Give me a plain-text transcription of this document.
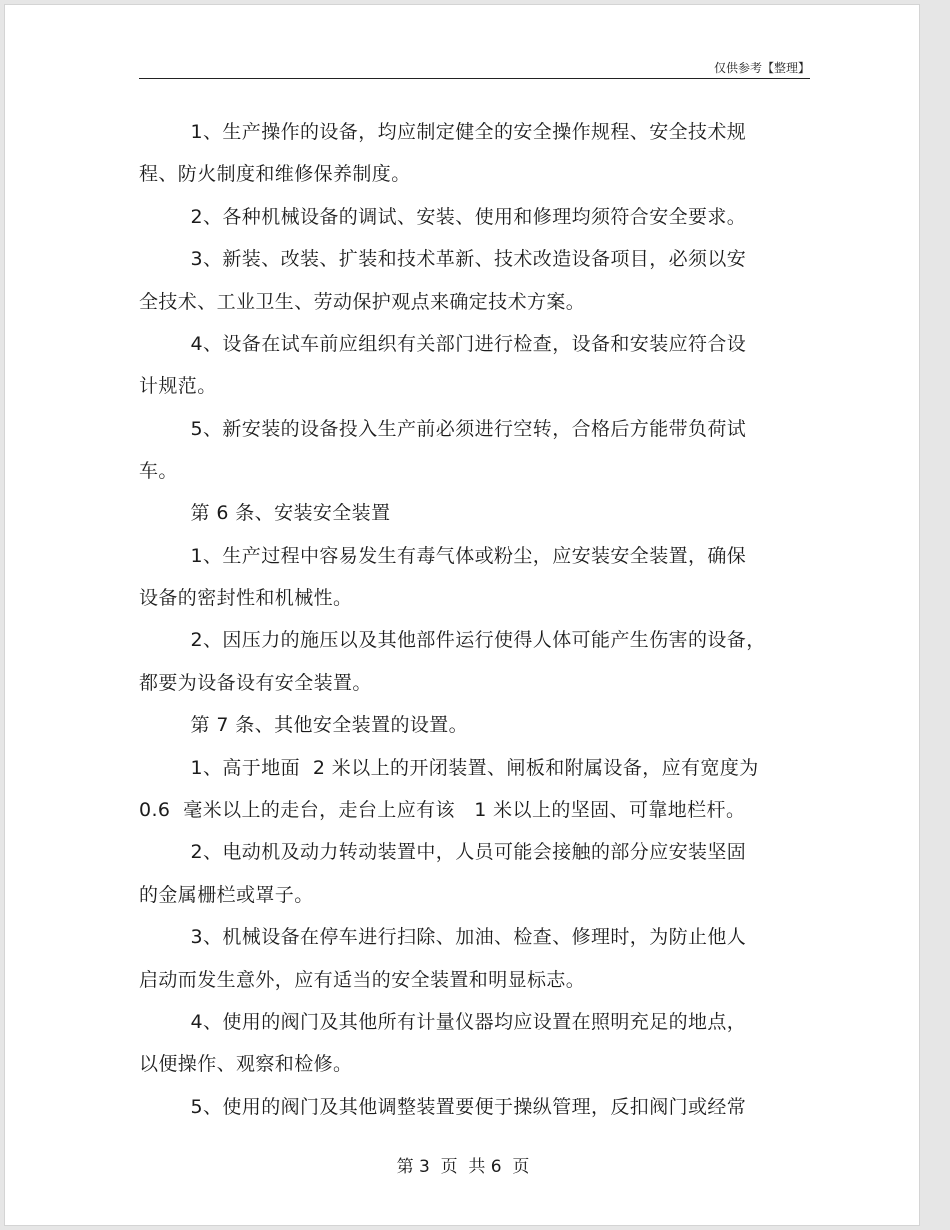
仅供参考【整理】
1、生产操作的设备，均应制定健全的安全操作规程、安全技术规
程、防火制度和维修保养制度。
2、各种机械设备的调试、安装、使用和修理均须符合安全要求。
3、新装、改装、扩装和技术革新、技术改造设备项目，必须以安
全技术、工业卫生、劳动保护观点来确定技术方案。
4、设备在试车前应组织有关部门进行检查，设备和安装应符合设
计规范。
5、新安装的设备投入生产前必须进行空转，合格后方能带负荷试
车。
第 6 条、安装安全装置
1、生产过程中容易发生有毒气体或粉尘，应安装安全装置，确保
设备的密封性和机械性。
2、因压力的施压以及其他部件运行使得人体可能产生伤害的设备，
都要为设备设有安全装置。
第 7 条、其他安全装置的设置。
1、高于地面  2 米以上的开闭装置、闸板和附属设备，应有宽度为
0.6  毫米以上的走台，走台上应有该   1 米以上的坚固、可靠地栏杆。
2、电动机及动力转动装置中，人员可能会接触的部分应安装坚固
的金属栅栏或罩子。
3、机械设备在停车进行扫除、加油、检查、修理时，为防止他人
启动而发生意外，应有适当的安全装置和明显标志。
4、使用的阀门及其他所有计量仪器均应设置在照明充足的地点，
以便操作、观察和检修。
5、使用的阀门及其他调整装置要便于操纵管理，反扣阀门或经常
第 3  页  共 6  页
